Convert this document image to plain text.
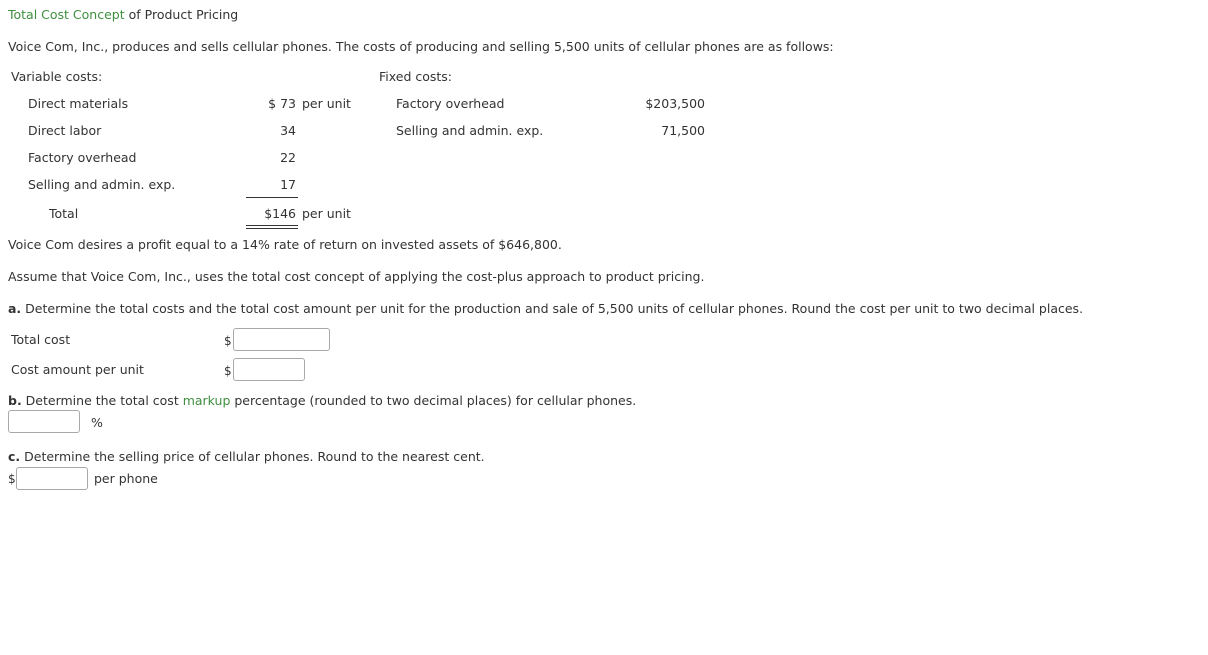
Total Cost Concept of Product Pricing
Voice Com, Inc., produces and sells cellular phones. The costs of producing and selling 5,500 units of cellular phones are as follows:
Variable costs:
Direct materials	$ 73 per unit
Direct labor	34
Factory overhead	22
Selling and admin. exp.	17
Total	$146 per unit
Fixed costs:
Factory overhead	$203,500
Selling and admin. exp.	71,500
Voice Com desires a profit equal to a 14% rate of return on invested assets of $646,800.
Assume that Voice Com, Inc., uses the total cost concept of applying the cost-plus approach to product pricing.
a. Determine the total costs and the total cost amount per unit for the production and sale of 5,500 units of cellular phones. Round the cost per unit to two decimal places.
Total cost	$
Cost amount per unit	$
b. Determine the total cost markup percentage (rounded to two decimal places) for cellular phones.
%
c. Determine the selling price of cellular phones. Round to the nearest cent.
$	per phone
